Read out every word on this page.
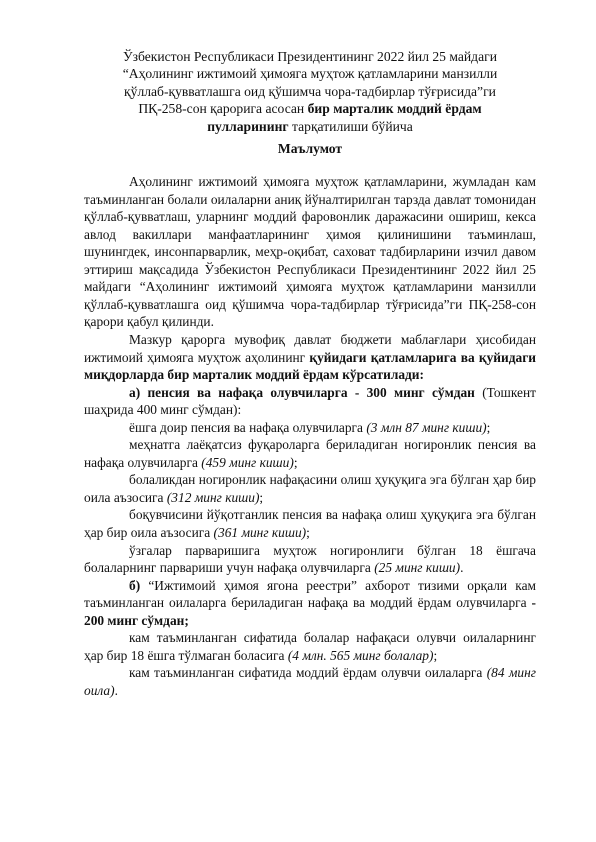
Ўзбекистон Республикаси Президентининг 2022 йил 25 майдаги
“Аҳолининг ижтимоий ҳимояга муҳтож қатламларини манзилли
қўллаб-қувватлашга оид қўшимча чора-тадбирлар тўғрисида”ги
ПҚ-258-сон қарорига асосан бир марталик моддий ёрдам
пулларининг тарқатилиши бўйича
Маълумот

Аҳолининг ижтимоий ҳимояга муҳтож қатламларини, жумладан кам таъминланган болали оилаларни аниқ йўналтирилган тарзда давлат томонидан қўллаб-қувватлаш, уларнинг моддий фаровонлик даражасини ошириш, кекса авлод вакиллари манфаатларининг ҳимоя қилинишини таъминлаш, шунингдек, инсонпарварлик, меҳр-оқибат, саховат тадбирларини изчил давом эттириш мақсадида Ўзбекистон Республикаси Президентининг 2022 йил 25 майдаги “Аҳолининг ижтимоий ҳимояга муҳтож қатламларини манзилли қўллаб-қувватлашга оид қўшимча чора-тадбирлар тўғрисида”ги ПҚ-258-сон қарори қабул қилинди.

Мазкур қарорга мувофиқ давлат бюджети маблағлари ҳисобидан ижтимоий ҳимояга муҳтож аҳолининг қуйидаги қатламларига ва қуйидаги миқдорларда бир марталик моддий ёрдам кўрсатилади:

а) пенсия ва нафақа олувчиларга - 300 минг сўмдан (Тошкент шаҳрида 400 минг сўмдан):

ёшга доир пенсия ва нафақа олувчиларга (3 млн 87 минг киши);

меҳнатга лаёқатсиз фуқароларга бериладиган ногиронлик пенсия ва нафақа олувчиларга (459 минг киши);

болаликдан ногиронлик нафақасини олиш ҳуқуқига эга бўлган ҳар бир оила аъзосига (312 минг киши);

боқувчисини йўқотганлик пенсия ва нафақа олиш ҳуқуқига эга бўлган ҳар бир оила аъзосига (361 минг киши);

ўзгалар парваришига муҳтож ногиронлиги бўлган 18 ёшгача болаларнинг парвариши учун нафақа олувчиларга (25 минг киши).

б) “Ижтимоий ҳимоя ягона реестри” ахборот тизими орқали кам таъминланган оилаларга бериладиган нафақа ва моддий ёрдам олувчиларга - 200 минг сўмдан;

кам таъминланган сифатида болалар нафақаси олувчи оилаларнинг ҳар бир 18 ёшга тўлмаган боласига (4 млн. 565 минг болалар);

кам таъминланган сифатида моддий ёрдам олувчи оилаларга (84 минг оила).
